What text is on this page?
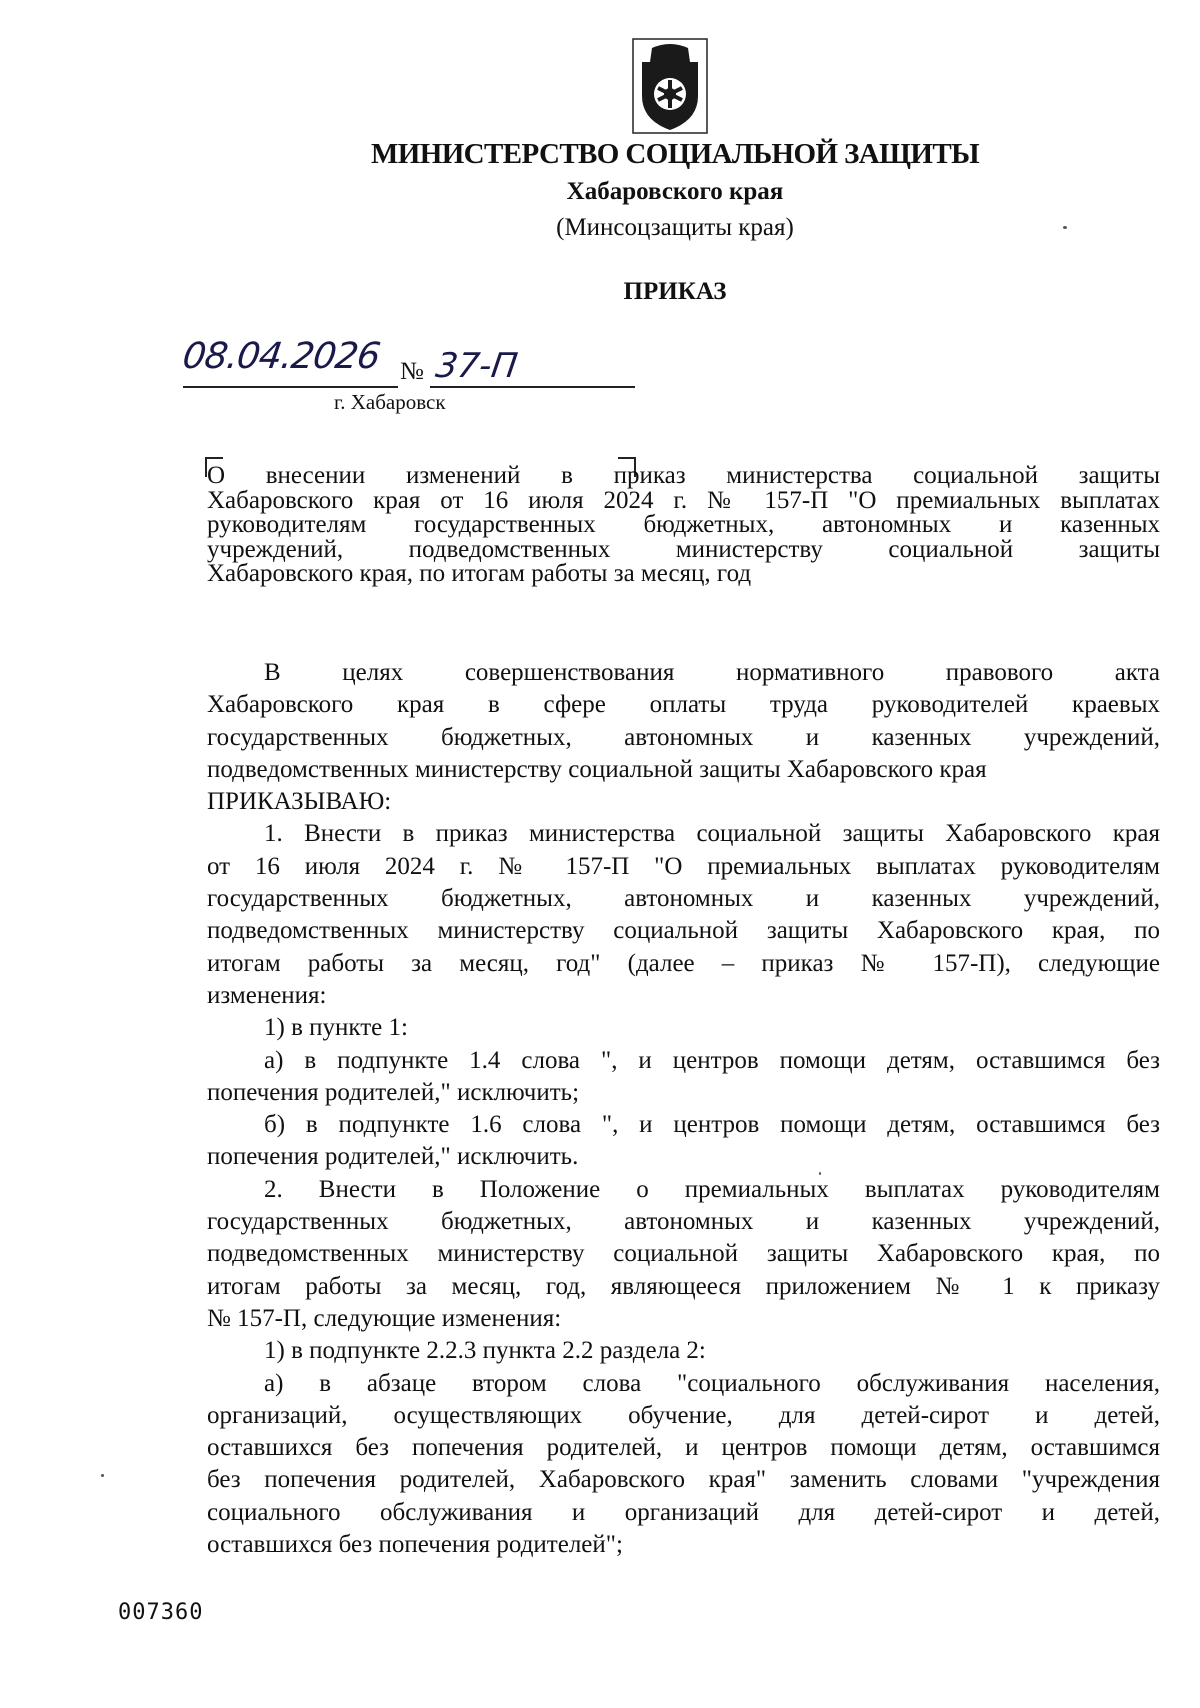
МИНИСТЕРСТВО СОЦИАЛЬНОЙ ЗАЩИТЫ
Хабаровского края
(Минсоцзащиты края)
ПРИКАЗ
08.04.2026 № 37-П
г. Хабаровск
О внесении изменений в приказ министерства социальной защиты
Хабаровского края от 16 июля 2024 г. № 157-П "О премиальных выплатах
руководителям государственных бюджетных, автономных и казенных
учреждений, подведомственных министерству социальной защиты
Хабаровского края, по итогам работы за месяц, год
В целях совершенствования нормативного правового акта
Хабаровского края в сфере оплаты труда руководителей краевых
государственных бюджетных, автономных и казенных учреждений,
подведомственных министерству социальной защиты Хабаровского края
ПРИКАЗЫВАЮ:
1. Внести в приказ министерства социальной защиты Хабаровского края
от 16 июля 2024 г. № 157-П "О премиальных выплатах руководителям
государственных бюджетных, автономных и казенных учреждений,
подведомственных министерству социальной защиты Хабаровского края, по
итогам работы за месяц, год" (далее – приказ № 157-П), следующие
изменения:
1) в пункте 1:
а) в подпункте 1.4 слова ", и центров помощи детям, оставшимся без
попечения родителей," исключить;
б) в подпункте 1.6 слова ", и центров помощи детям, оставшимся без
попечения родителей," исключить.
2. Внести в Положение о премиальных выплатах руководителям
государственных бюджетных, автономных и казенных учреждений,
подведомственных министерству социальной защиты Хабаровского края, по
итогам работы за месяц, год, являющееся приложением № 1 к приказу
№ 157-П, следующие изменения:
1) в подпункте 2.2.3 пункта 2.2 раздела 2:
а) в абзаце втором слова "социального обслуживания населения,
организаций, осуществляющих обучение, для детей-сирот и детей,
оставшихся без попечения родителей, и центров помощи детям, оставшимся
без попечения родителей, Хабаровского края" заменить словами "учреждения
социального обслуживания и организаций для детей-сирот и детей,
оставшихся без попечения родителей";
007360
